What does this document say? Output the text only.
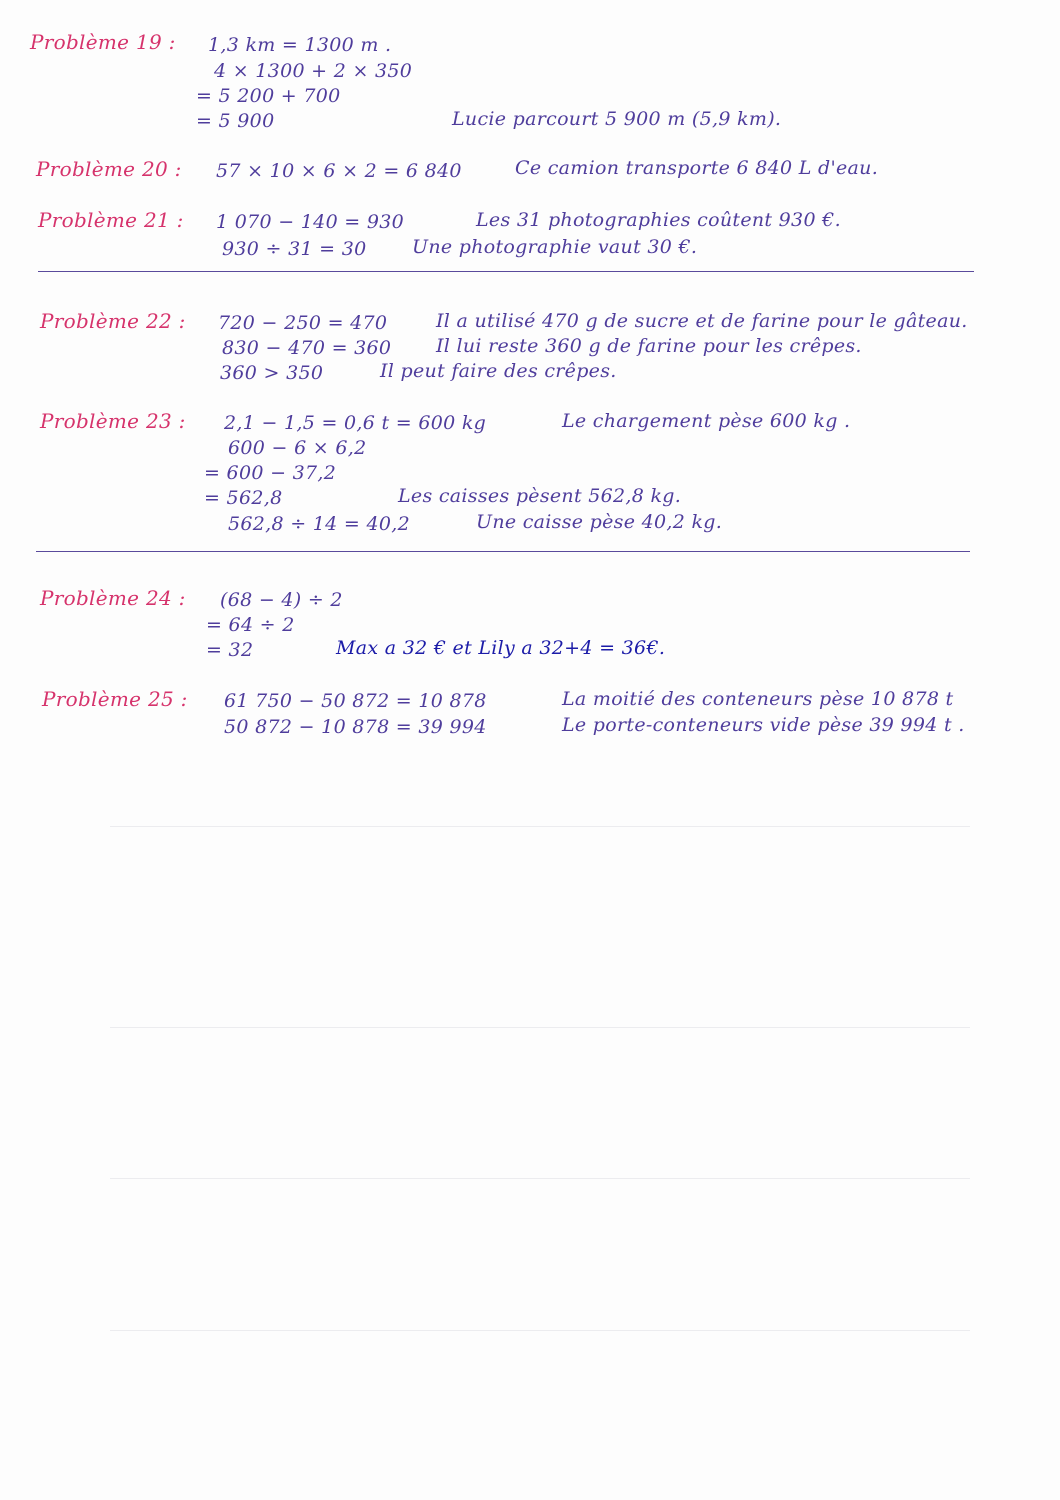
Problème 19 : 1,3 km = 1300 m .
4 × 1300 + 2 × 350
= 5 200 + 700
= 5 900	Lucie parcourt 5 900 m (5,9 km).
Problème 20 : 57 × 10 × 6 × 2 = 6 840	Ce camion transporte 6 840 L d'eau.
Problème 21 : 1 070 − 140 = 930	Les 31 photographies coûtent 930 €.
930 ÷ 31 = 30 Une photographie vaut 30 €.
Problème 22 : 720 − 250 = 470	Il a utilisé 470 g de sucre et de farine pour le gâteau.
830 − 470 = 360 Il lui reste 360 g de farine pour les crêpes.
360 > 350	Il peut faire des crêpes.
Problème 23 : 2,1 − 1,5 = 0,6 t = 600 kg	Le chargement pèse 600 kg .
600 − 6 × 6,2
= 600 − 37,2
= 562,8	Les caisses pèsent 562,8 kg.
562,8 ÷ 14 = 40,2	Une caisse pèse 40,2 kg.
Problème 24 : (68 − 4) ÷ 2
= 64 ÷ 2
= 32	Max a 32 € et Lily a 32+4 = 36€.
Problème 25 : 61 750 − 50 872 = 10 878	La moitié des conteneurs pèse 10 878 t
50 872 − 10 878 = 39 994	Le porte-conteneurs vide pèse 39 994 t .
